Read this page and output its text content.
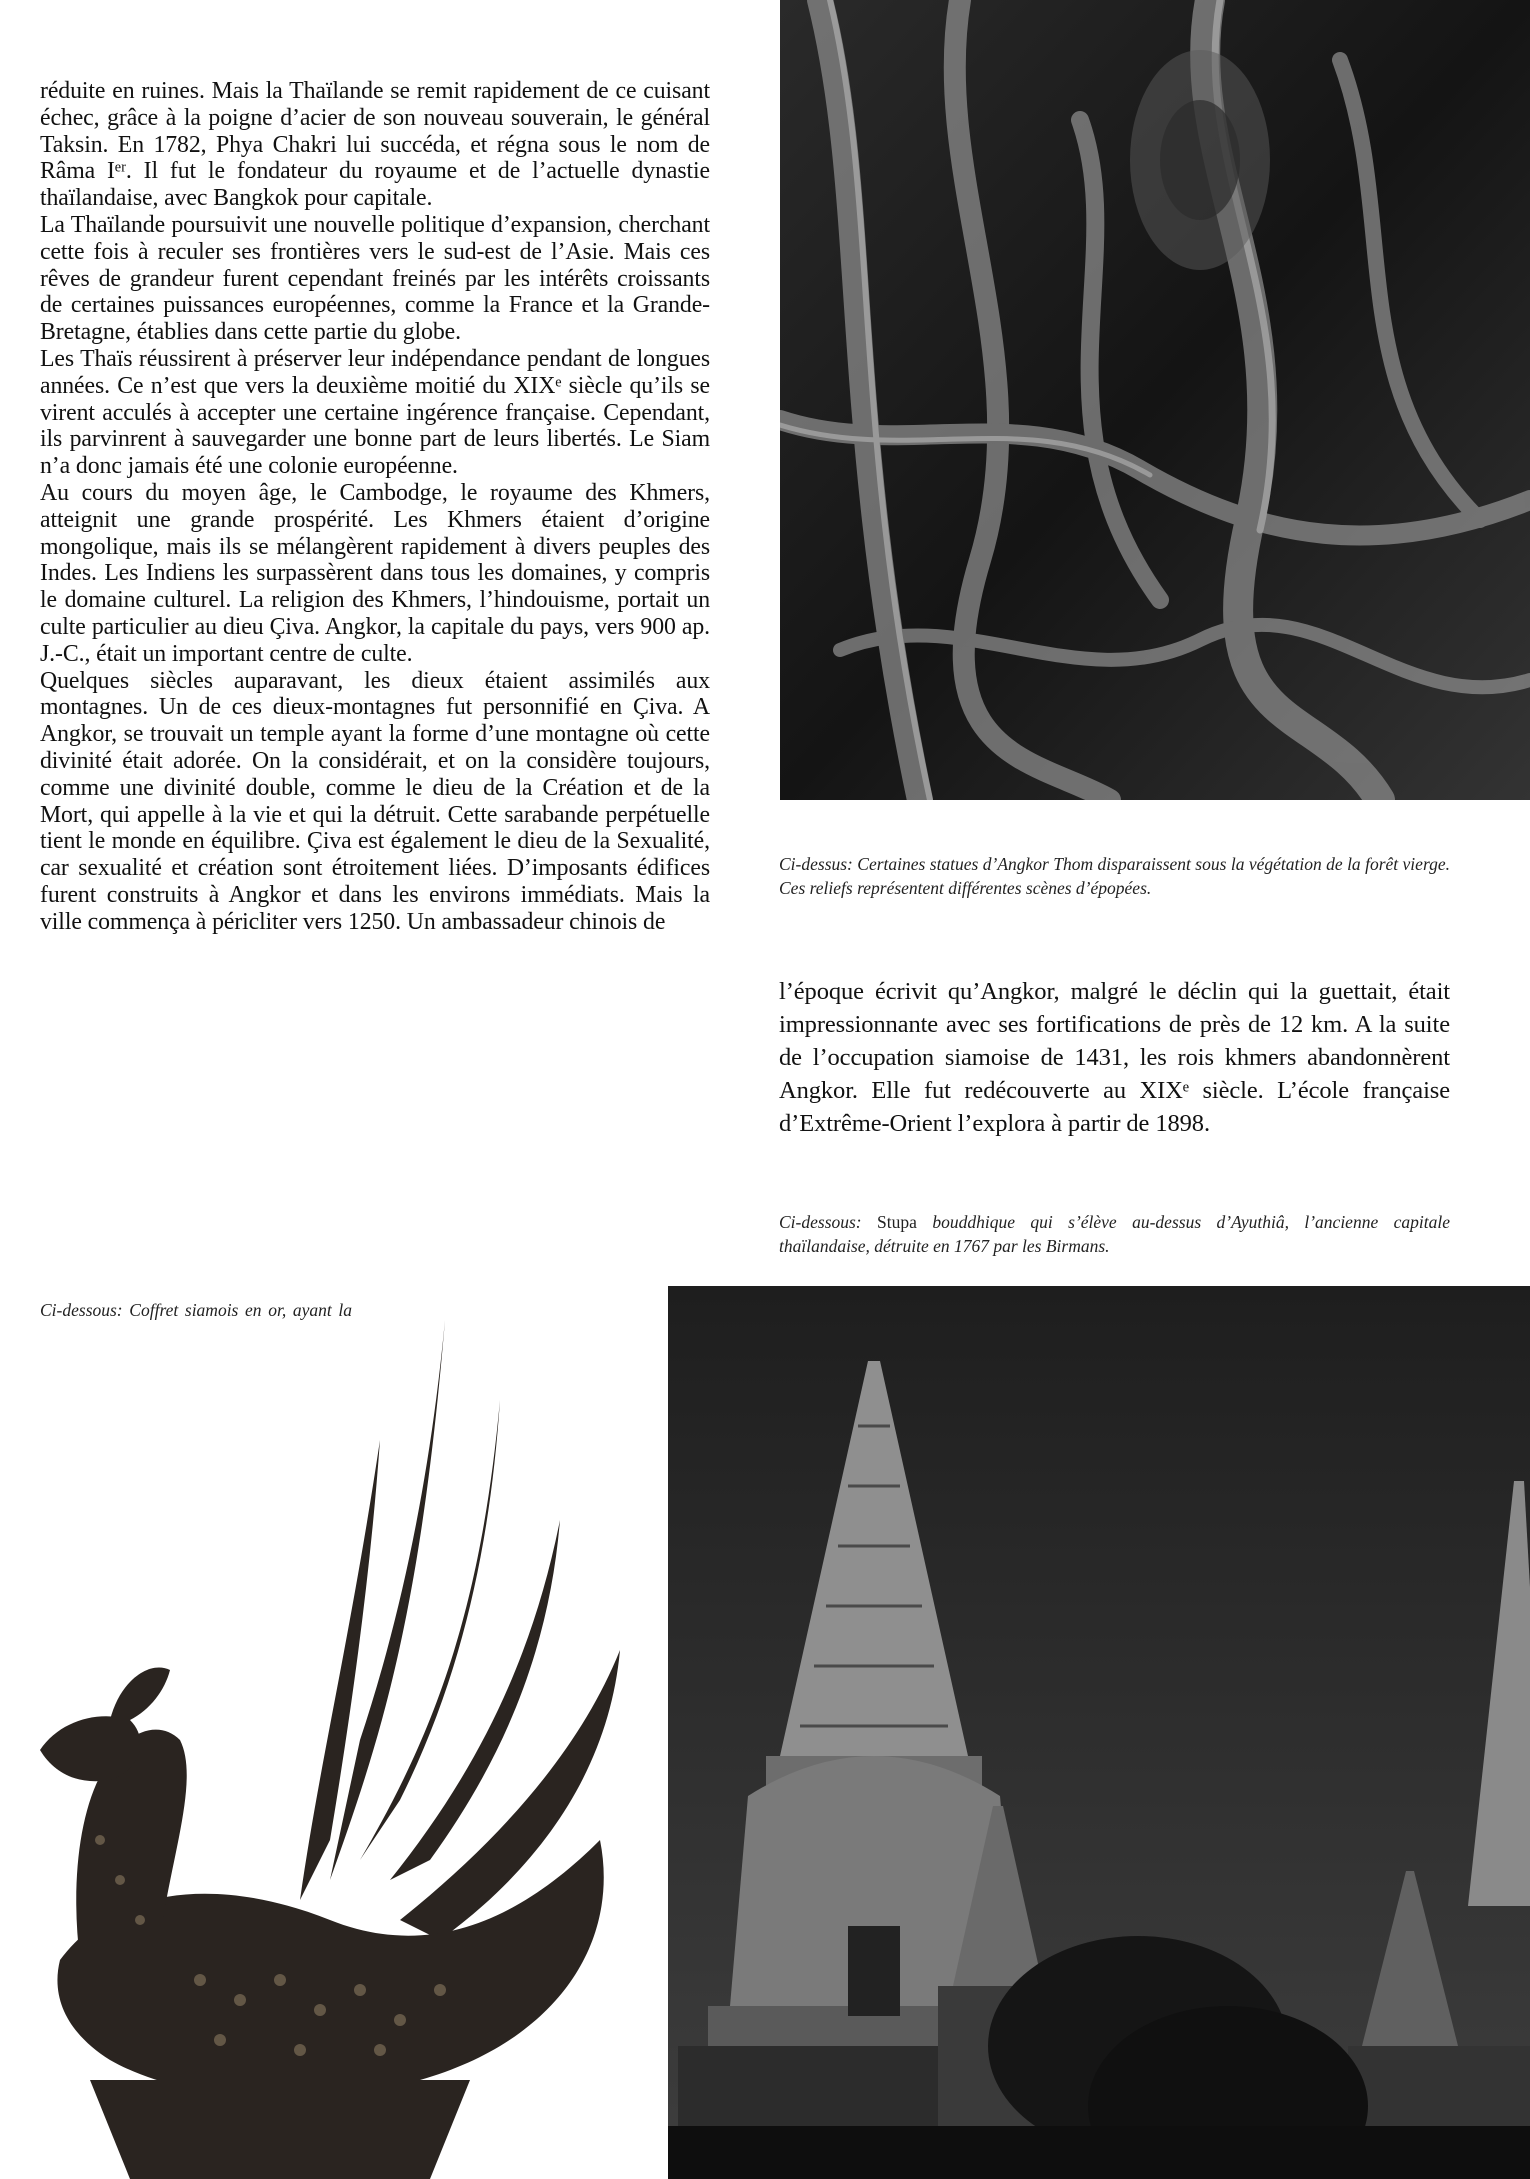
réduite en ruines. Mais la Thaïlande se remit rapidement de ce cuisant échec, grâce à la poigne d’acier de son nouveau souverain, le général Taksin. En 1782, Phya Chakri lui succéda, et régna sous le nom de Râma Iᵉʳ. Il fut le fondateur du royaume et de l’actuelle dynastie thaïlandaise, avec Bangkok pour capitale.

La Thaïlande poursuivit une nouvelle politique d’expansion, cherchant cette fois à reculer ses frontières vers le sud-est de l’Asie. Mais ces rêves de grandeur furent cependant freinés par les intérêts croissants de certaines puissances européennes, comme la France et la Grande-Bretagne, établies dans cette partie du globe.

Les Thaïs réussirent à préserver leur indépendance pendant de longues années. Ce n’est que vers la deuxième moitié du XIXᵉ siècle qu’ils se virent acculés à accepter une certaine ingérence française. Cependant, ils parvinrent à sauvegarder une bonne part de leurs libertés. Le Siam n’a donc jamais été une colonie européenne.

Au cours du moyen âge, le Cambodge, le royaume des Khmers, atteignit une grande prospérité. Les Khmers étaient d’origine mongolique, mais ils se mélangèrent rapidement à divers peuples des Indes. Les Indiens les surpassèrent dans tous les domaines, y compris le domaine culturel. La religion des Khmers, l’hindouisme, portait un culte particulier au dieu Çiva. Angkor, la capitale du pays, vers 900 ap. J.-C., était un important centre de culte.

Quelques siècles auparavant, les dieux étaient assimilés aux montagnes. Un de ces dieux-montagnes fut personnifié en Çiva. A Angkor, se trouvait un temple ayant la forme d’une montagne où cette divinité était adorée. On la considérait, et on la considère toujours, comme une divinité double, comme le dieu de la Création et de la Mort, qui appelle à la vie et qui la détruit. Cette sarabande perpétuelle tient le monde en équilibre. Çiva est également le dieu de la Sexualité, car sexualité et création sont étroitement liées. D’imposants édifices furent construits à Angkor et dans les environs immédiats. Mais la ville commença à péricliter vers 1250. Un ambassadeur chinois de

Ci-dessus: Certaines statues d’Angkor Thom disparaissent sous la végétation de la forêt vierge. Ces reliefs représentent différentes scènes d’épopées.

l’époque écrivit qu’Angkor, malgré le déclin qui la guettait, était impressionnante avec ses fortifications de près de 12 km. A la suite de l’occupation siamoise de 1431, les rois khmers abandonnèrent Angkor. Elle fut redécouverte au XIXᵉ siècle. L’école française d’Extrême-Orient l’explora à partir de 1898.

Ci-dessous: Stupa bouddhique qui s’élève au-dessus d’Ayuthiâ, l’ancienne capitale thaïlandaise, détruite en 1767 par les Birmans.

Ci-dessous: Coffret siamois en or, ayant la
